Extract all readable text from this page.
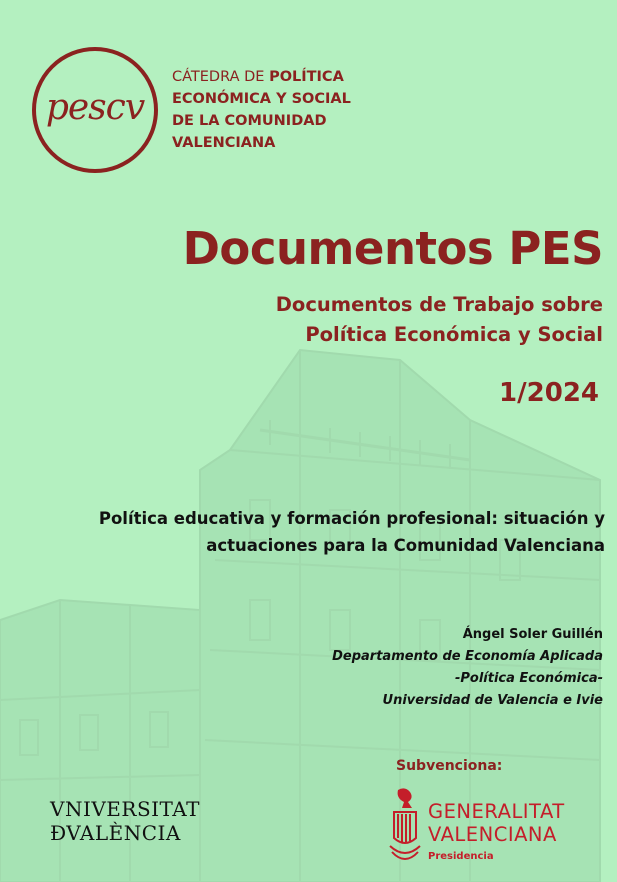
pescv
CÁTEDRA DE POLÍTICA
ECONÓMICA Y SOCIAL
DE LA COMUNIDAD
VALENCIANA
Documentos PES
Documentos de Trabajo sobre
Política Económica y Social
1/2024
Política educativa y formación profesional: situación y
actuaciones para la Comunidad Valenciana
Ángel Soler Guillén
Departamento de Economía Aplicada
-Política Económica-
Universidad de Valencia e Ivie
VNIVERSITAT
ÐVALÈNCIA
Subvenciona:
GENERALITAT
VALENCIANA
Presidencia
